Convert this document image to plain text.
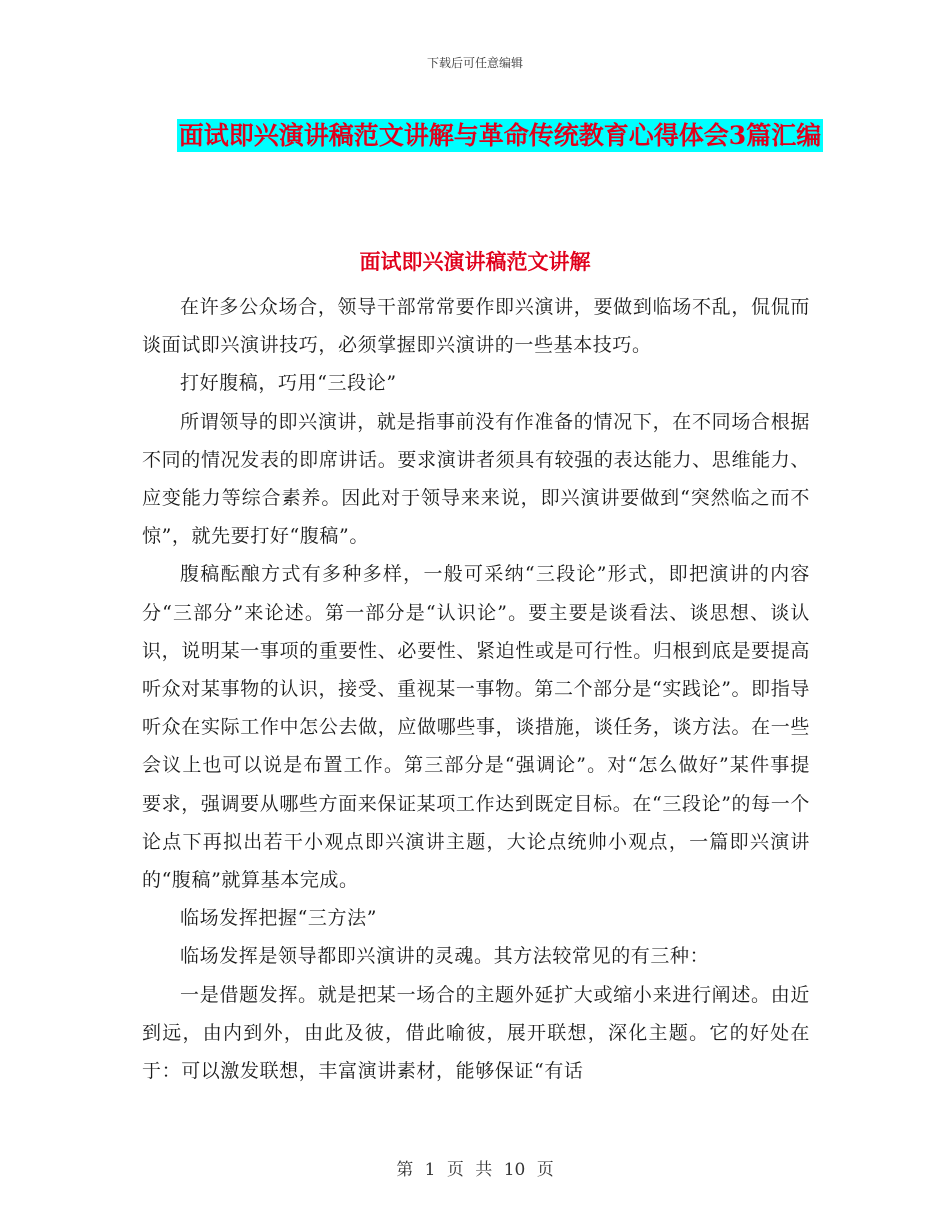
下载后可任意编辑
面试即兴演讲稿范文讲解与革命传统教育心得体会3篇汇编
面试即兴演讲稿范文讲解

在许多公众场合，领导干部常常要作即兴演讲，要做到临场不乱，侃侃而谈面试即兴演讲技巧，必须掌握即兴演讲的一些基本技巧。

打好腹稿，巧用“三段论”

所谓领导的即兴演讲，就是指事前没有作准备的情况下，在不同场合根据不同的情况发表的即席讲话。要求演讲者须具有较强的表达能力、思维能力、应变能力等综合素养。因此对于领导来来说，即兴演讲要做到“突然临之而不惊”，就先要打好“腹稿”。

腹稿酝酿方式有多种多样，一般可采纳“三段论”形式，即把演讲的内容分“三部分”来论述。第一部分是“认识论”。要主要是谈看法、谈思想、谈认识，说明某一事项的重要性、必要性、紧迫性或是可行性。归根到底是要提高听众对某事物的认识，接受、重视某一事物。第二个部分是“实践论”。即指导听众在实际工作中怎公去做，应做哪些事，谈措施，谈任务，谈方法。在一些会议上也可以说是布置工作。第三部分是“强调论”。对“怎么做好”某件事提要求，强调要从哪些方面来保证某项工作达到既定目标。在“三段论”的每一个论点下再拟出若干小观点即兴演讲主题，大论点统帅小观点，一篇即兴演讲的“腹稿”就算基本完成。

临场发挥把握“三方法”

临场发挥是领导都即兴演讲的灵魂。其方法较常见的有三种：

一是借题发挥。就是把某一场合的主题外延扩大或缩小来进行阐述。由近到远，由内到外，由此及彼，借此喻彼，展开联想，深化主题。它的好处在于：可以激发联想，丰富演讲素材，能够保证“有话

第 1 页 共 10 页
